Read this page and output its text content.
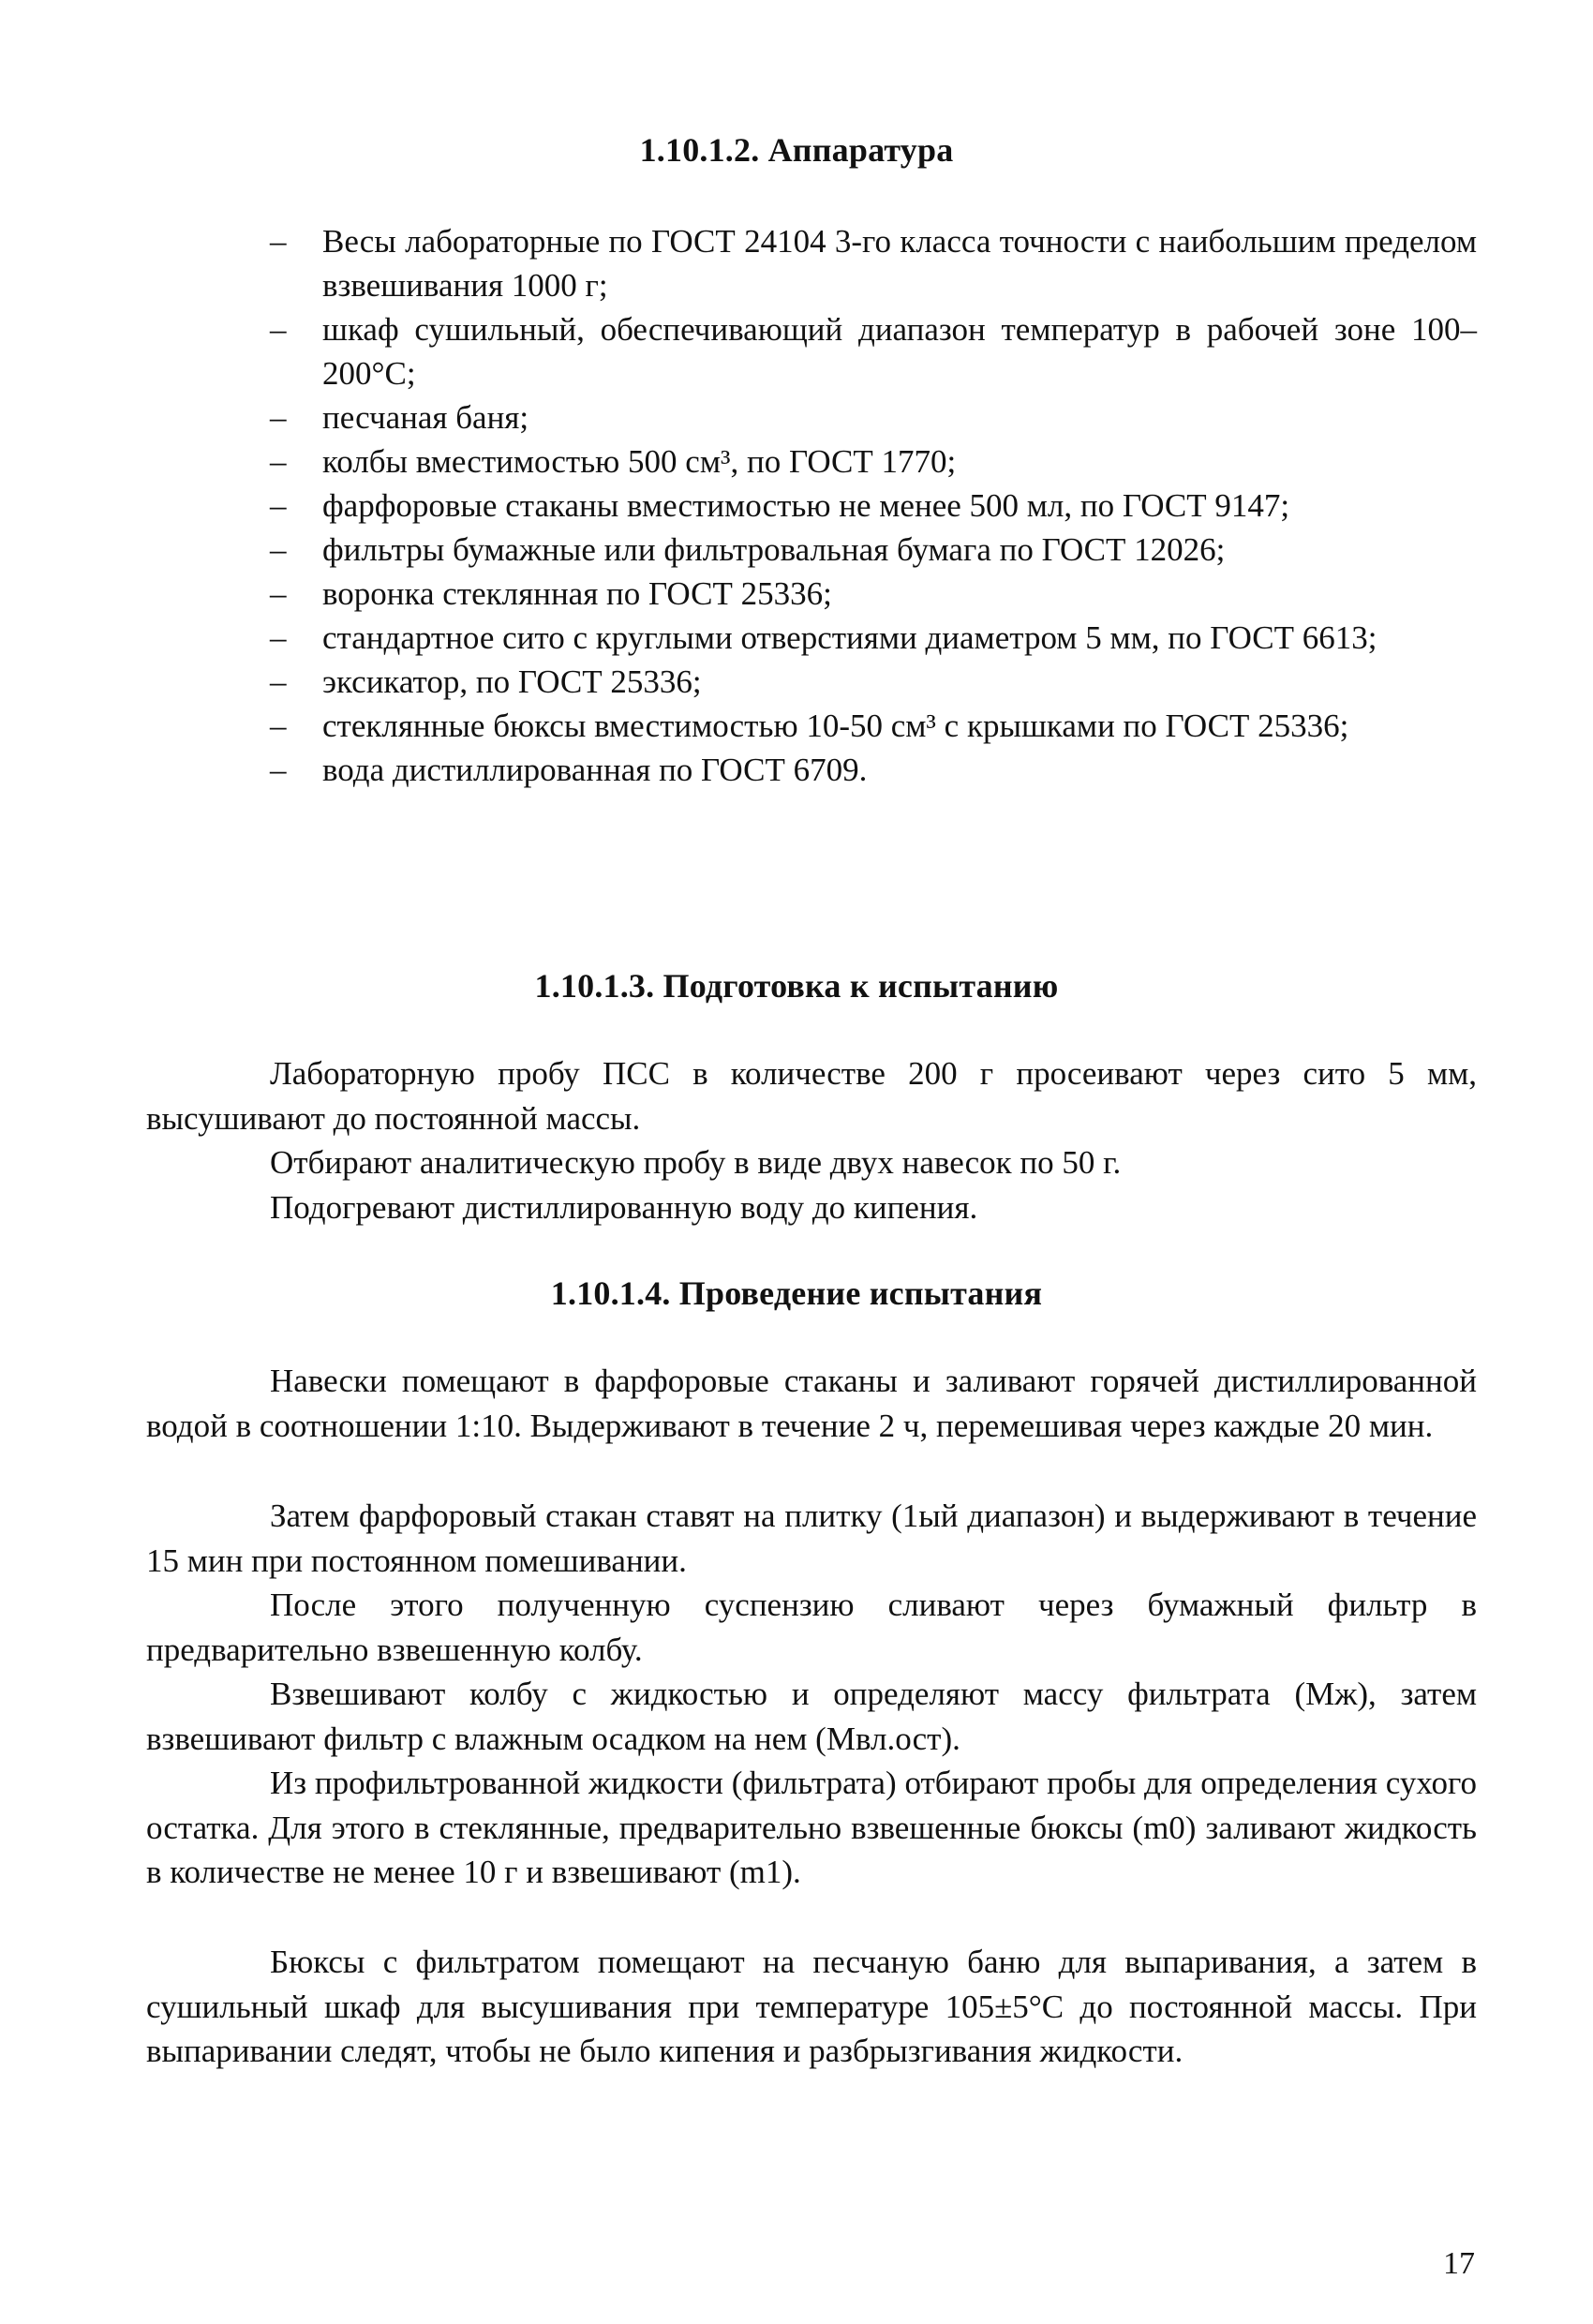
1.10.1.2. Аппаратура
– Весы лабораторные по ГОСТ 24104 3-го класса точности с наибольшим пределом взвешивания 1000 г;
– шкаф сушильный, обеспечивающий диапазон температур в рабочей зоне 100–200°С;
– песчаная баня;
– колбы вместимостью 500 см³, по ГОСТ 1770;
– фарфоровые стаканы вместимостью не менее 500 мл, по ГОСТ 9147;
– фильтры бумажные или фильтровальная бумага по ГОСТ 12026;
– воронка стеклянная по ГОСТ 25336;
– стандартное сито с круглыми отверстиями диаметром 5 мм, по ГОСТ 6613;
– эксикатор, по ГОСТ 25336;
– стеклянные бюксы вместимостью 10-50 см³ с крышками по ГОСТ 25336;
– вода дистиллированная по ГОСТ 6709.
1.10.1.3. Подготовка к испытанию

Лабораторную пробу ПСС в количестве 200 г просеивают через сито 5 мм, высушивают до постоянной массы.

Отбирают аналитическую пробу в виде двух навесок по 50 г.

Подогревают дистиллированную воду до кипения.

1.10.1.4. Проведение испытания

Навески помещают в фарфоровые стаканы и заливают горячей дистиллированной водой в соотношении 1:10. Выдерживают в течение 2 ч, перемешивая через каждые 20 мин.

Затем фарфоровый стакан ставят на плитку (1ый диапазон) и выдерживают в течение 15 мин при постоянном помешивании.

После этого полученную суспензию сливают через бумажный фильтр в предварительно взвешенную колбу.

Взвешивают колбу с жидкостью и определяют массу фильтрата (Mж), затем взвешивают фильтр с влажным осадком на нем (Mвл.ост).

Из профильтрованной жидкости (фильтрата) отбирают пробы для определения сухого остатка. Для этого в стеклянные, предварительно взвешенные бюксы (m0) заливают жидкость в количестве не менее 10 г и взвешивают (m1).

Бюксы с фильтратом помещают на песчаную баню для выпаривания, а затем в сушильный шкаф для высушивания при температуре 105±5°С до постоянной массы. При выпаривании следят, чтобы не было кипения и разбрызгивания жидкости.

17
